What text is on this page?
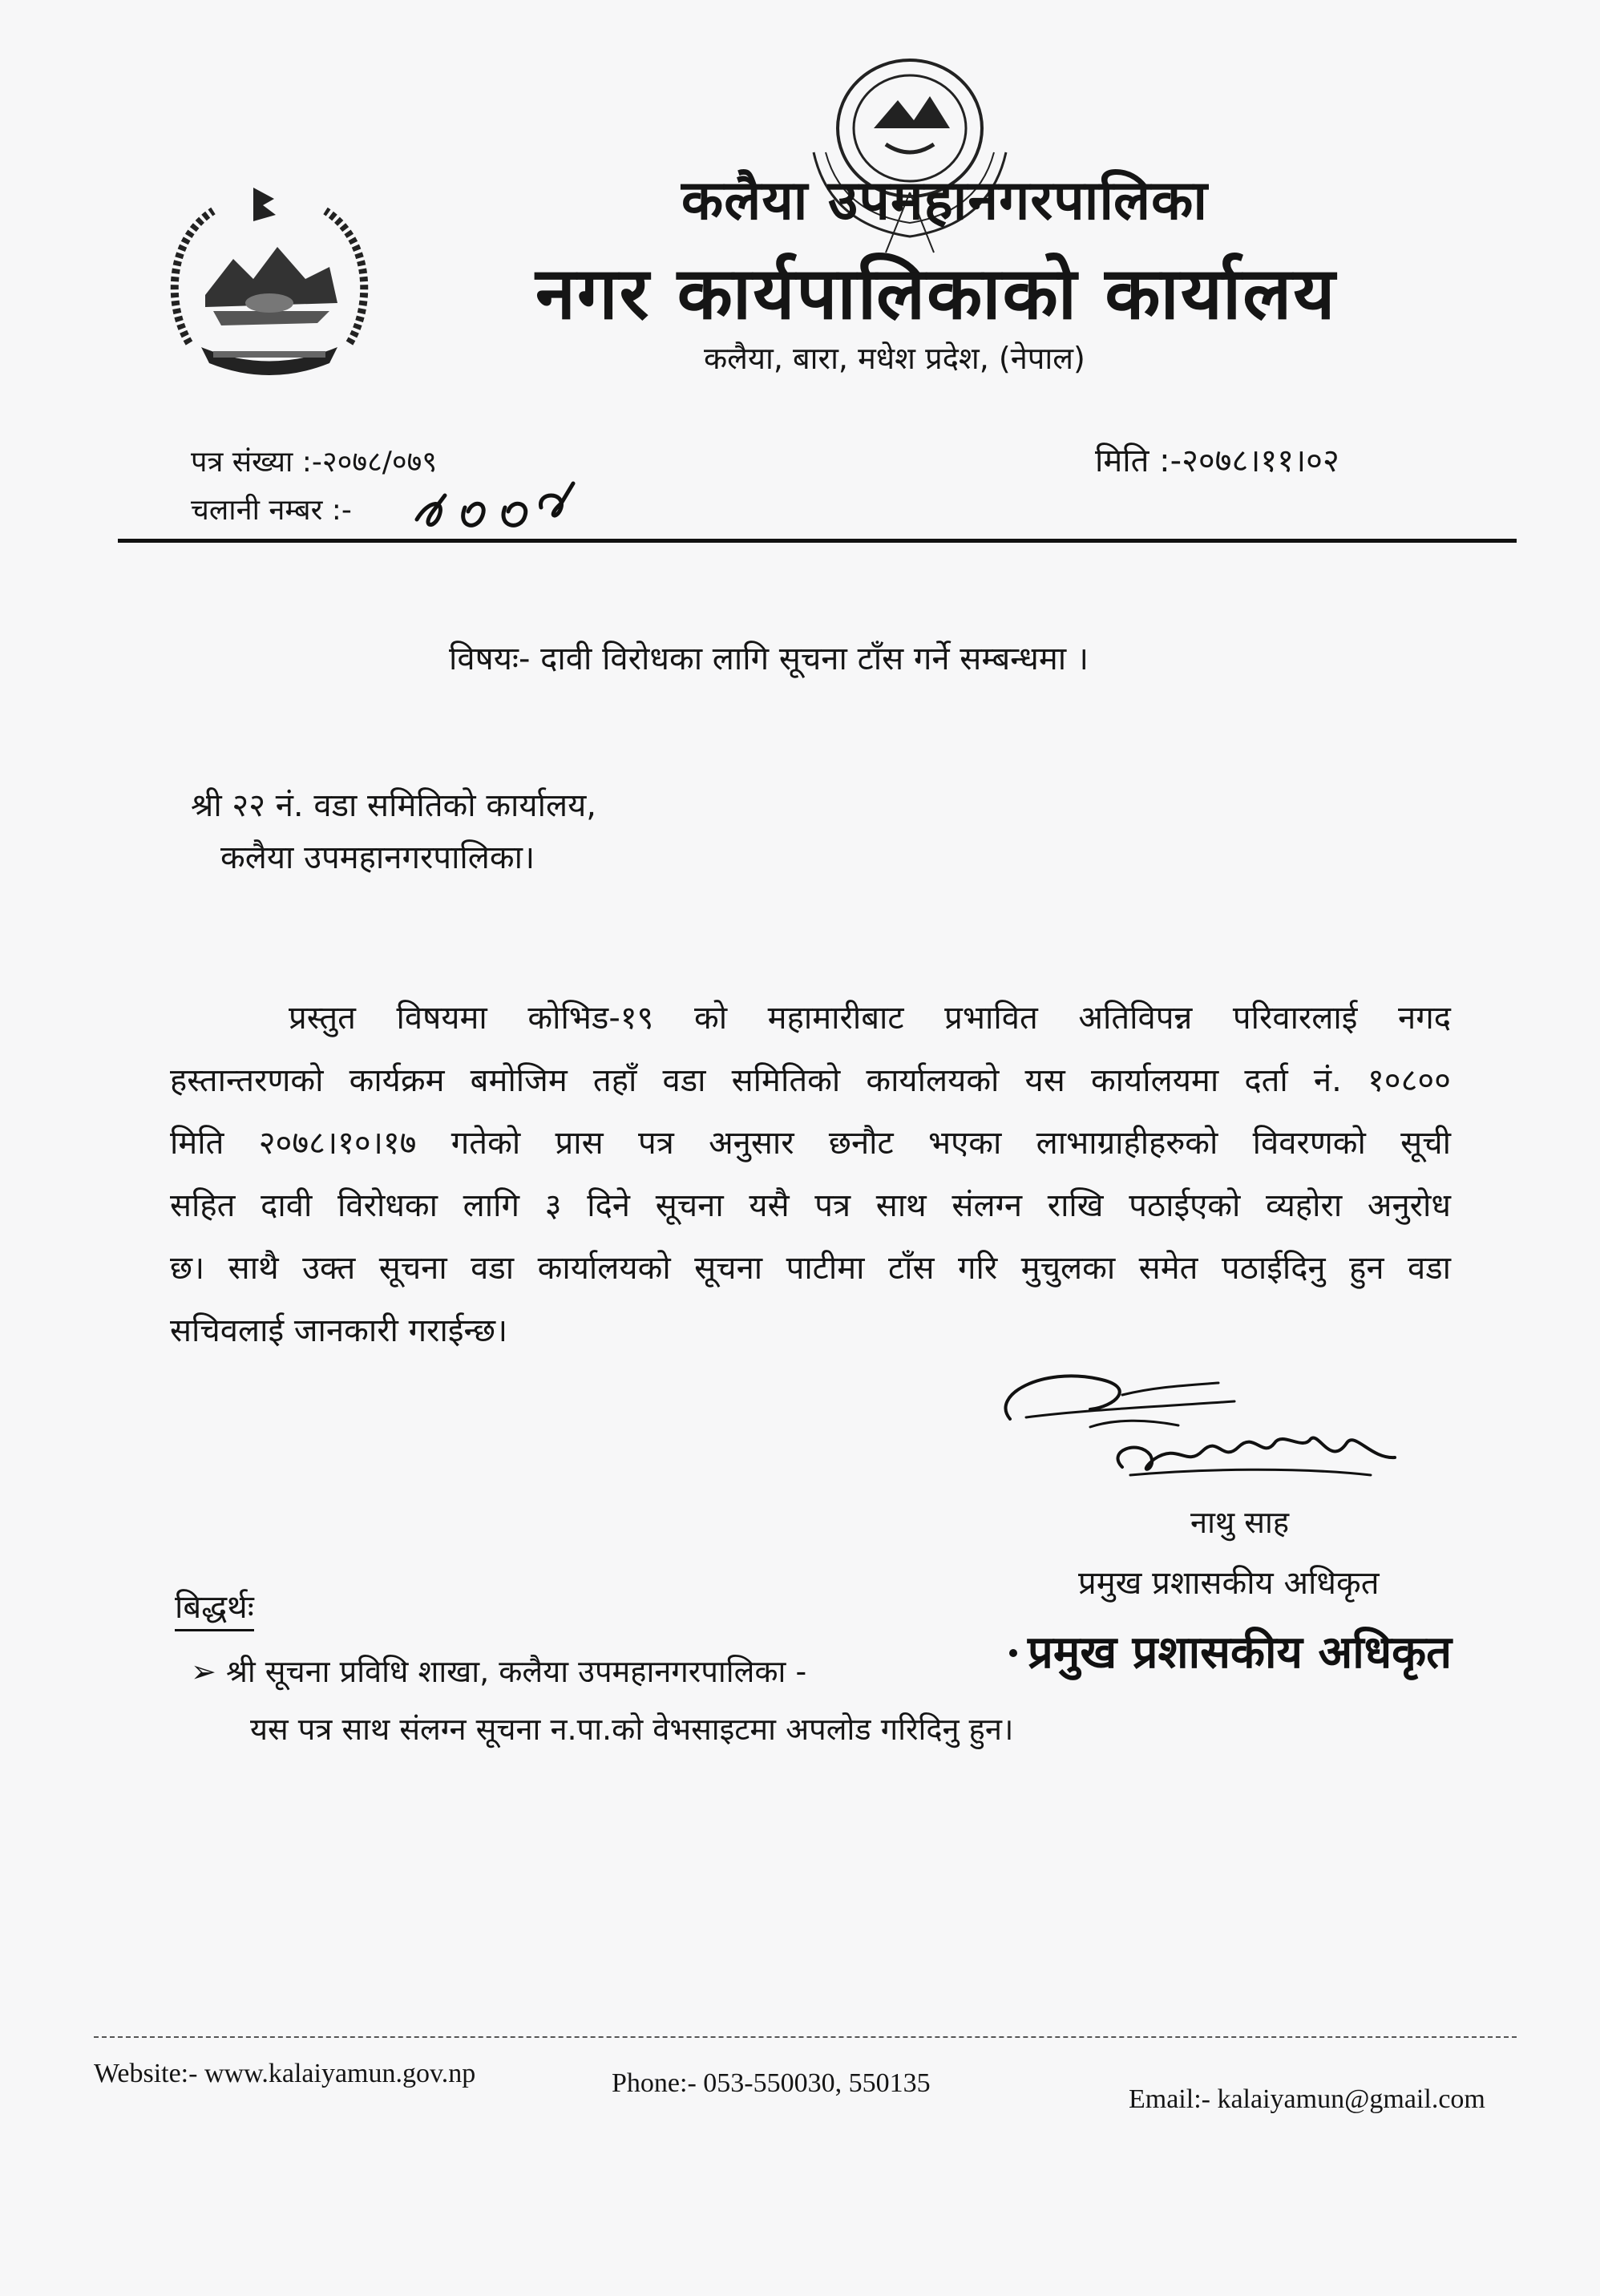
कलैया उपमहानगरपालिका
नगर कार्यपालिकाको कार्यालय
कलैया, बारा, मधेश प्रदेश, (नेपाल)
पत्र संख्या :-२०७८/०७९
चलानी नम्बर :-
मिति :-२०७८।११।०२
विषयः- दावी विरोधका लागि सूचना टाँस गर्ने सम्बन्धमा ।
श्री २२ नं. वडा समितिको कार्यालय,
कलैया उपमहानगरपालिका।
प्रस्तुत विषयमा कोभिड-१९ को महामारीबाट प्रभावित अतिविपन्न परिवारलाई नगद
हस्तान्तरणको कार्यक्रम बमोजिम तहाँ वडा समितिको कार्यालयको यस कार्यालयमा दर्ता नं. १०८००
मिति २०७८।१०।१७ गतेको प्रास पत्र अनुसार छनौट भएका लाभाग्राहीहरुको विवरणको सूची
सहित दावी विरोधका लागि ३ दिने सूचना यसै पत्र साथ संलग्न राखि पठाईएको व्यहोरा अनुरोध
छ। साथै उक्त सूचना वडा कार्यालयको सूचना पाटीमा टाँस गरि मुचुलका समेत पठाईदिनु हुन वडा
सचिवलाई जानकारी गराईन्छ।
नाथु साह
प्रमुख प्रशासकीय अधिकृत
प्रमुख प्रशासकीय अधिकृत
बिद्धर्थः
➢ श्री सूचना प्रविधि शाखा, कलैया उपमहानगरपालिका -
यस पत्र साथ संलग्न सूचना न.पा.को वेभसाइटमा अपलोड गरिदिनु हुन।
Website:- www.kalaiyamun.gov.np	Phone:- 053-550030, 550135
Email:- kalaiyamun@gmail.com
